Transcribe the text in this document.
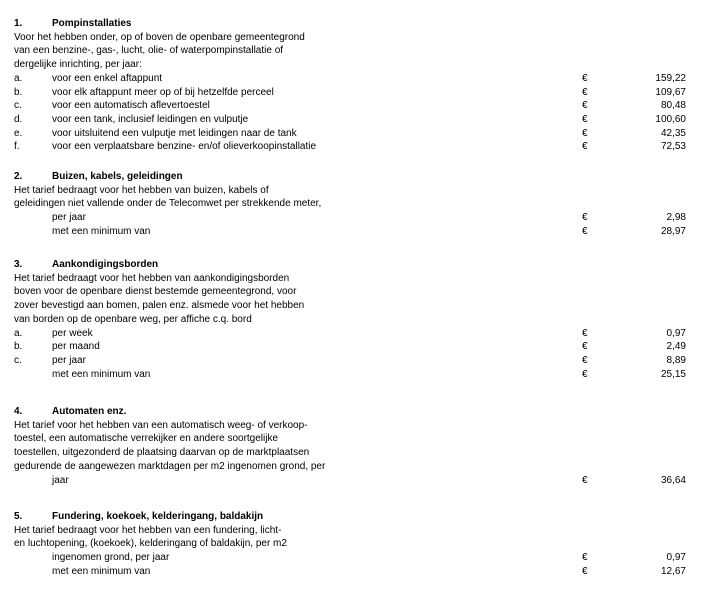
1.	Pompinstallaties
Voor het hebben onder, op of boven de openbare gemeentegrond
van een benzine-, gas-, lucht, olie- of waterpompinstallatie of
dergelijke inrichting, per jaar:
a.	voor een enkel aftappunt	€	159,22
b.	voor elk aftappunt meer op of bij hetzelfde perceel	€	109,67
c.	voor een automatisch aflevertoestel	€	80,48
d.	voor een tank, inclusief leidingen en vulputje	€	100,60
e.	voor uitsluitend een vulputje met leidingen naar de tank	€	42,35
f.	voor een verplaatsbare benzine- en/of olieverkoopinstallatie	€	72,53
2.	Buizen, kabels, geleidingen
Het tarief bedraagt voor het hebben van buizen, kabels of
geleidingen niet vallende onder de Telecomwet per strekkende meter,
per jaar	€	2,98
met een minimum van	€	28,97
3.	Aankondigingsborden
Het tarief bedraagt voor het hebben van aankondigingsborden
boven voor de openbare dienst bestemde gemeentegrond, voor
zover bevestigd aan bomen, palen enz. alsmede voor het hebben
van borden op de openbare weg, per affiche c.q. bord
a.	per week	€	0,97
b.	per maand	€	2,49
c.	per jaar	€	8,89
met een minimum van	€	25,15
4.	Automaten enz.
Het tarief voor het hebben van een automatisch weeg- of verkoop-
toestel, een automatische verrekijker en andere soortgelijke
toestellen, uitgezonderd de plaatsing daarvan op de marktplaatsen
gedurende de aangewezen marktdagen per m2 ingenomen grond, per
jaar	€	36,64
5.	Fundering, koekoek, kelderingang, baldakijn
Het tarief bedraagt voor het hebben van een fundering, licht-
en luchtopening, (koekoek), kelderingang of baldakijn, per m2
ingenomen grond, per jaar	€	0,97
met een minimum van	€	12,67
